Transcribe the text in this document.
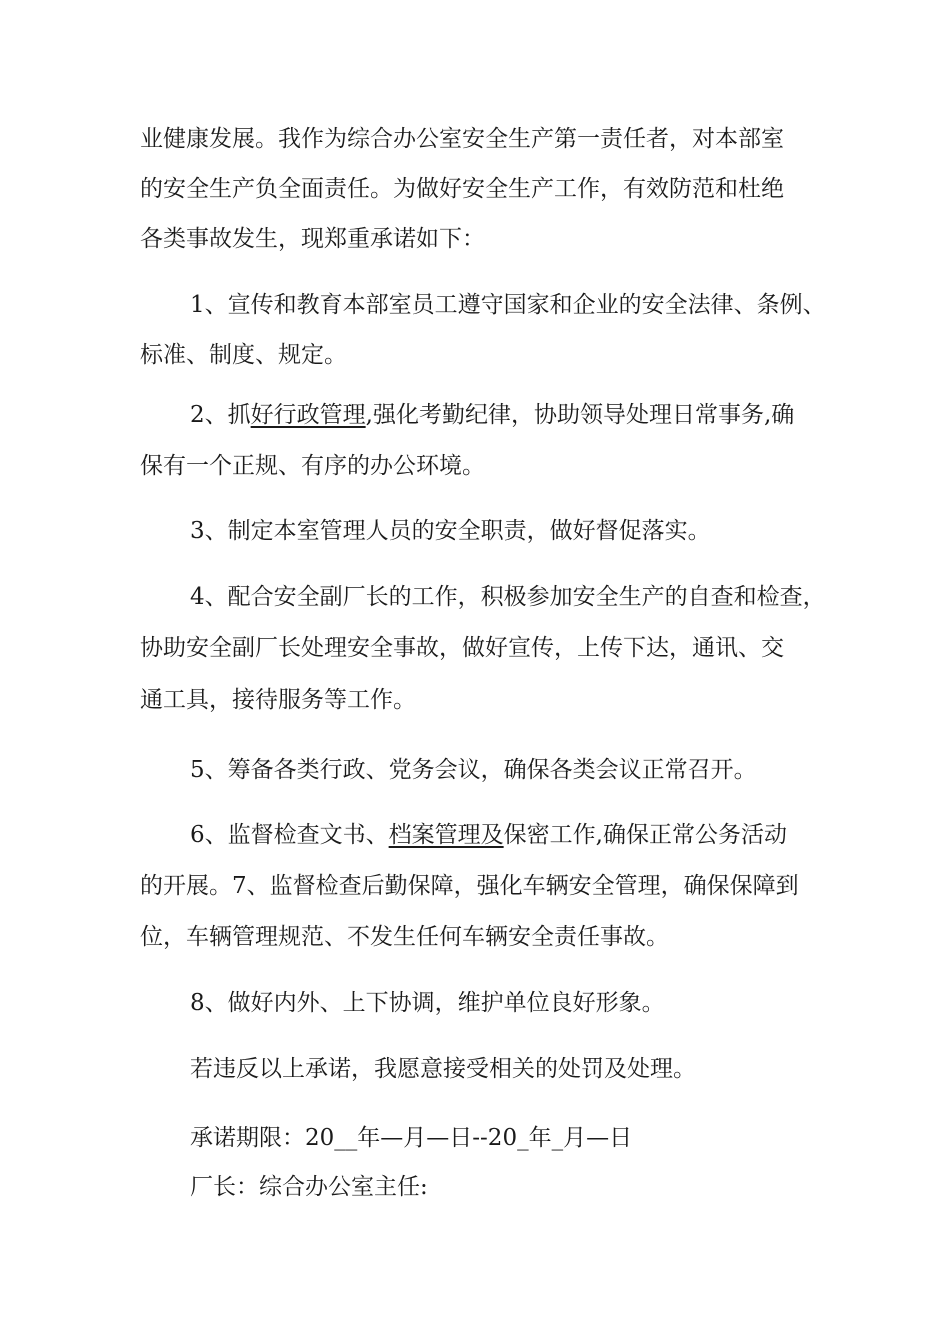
业健康发展。我作为综合办公室安全生产第一责任者，对本部室
的安全生产负全面责任。为做好安全生产工作，有效防范和杜绝
各类事故发生，现郑重承诺如下：
1、宣传和教育本部室员工遵守国家和企业的安全法律、条例、
标准、制度、规定。
2、抓好行政管理,强化考勤纪律，协助领导处理日常事务,确
保有一个正规、有序的办公环境。
3、制定本室管理人员的安全职责，做好督促落实。
4、配合安全副厂长的工作，积极参加安全生产的自查和检查，
协助安全副厂长处理安全事故，做好宣传，上传下达，通讯、交
通工具，接待服务等工作。
5、筹备各类行政、党务会议，确保各类会议正常召开。
6、监督检查文书、档案管理及保密工作,确保正常公务活动
的开展。7、监督检查后勤保障，强化车辆安全管理，确保保障到
位，车辆管理规范、不发生任何车辆安全责任事故。
8、做好内外、上下协调，维护单位良好形象。
若违反以上承诺，我愿意接受相关的处罚及处理。
承诺期限：20__年—月—日--20_年_月—日
厂长：综合办公室主任:
